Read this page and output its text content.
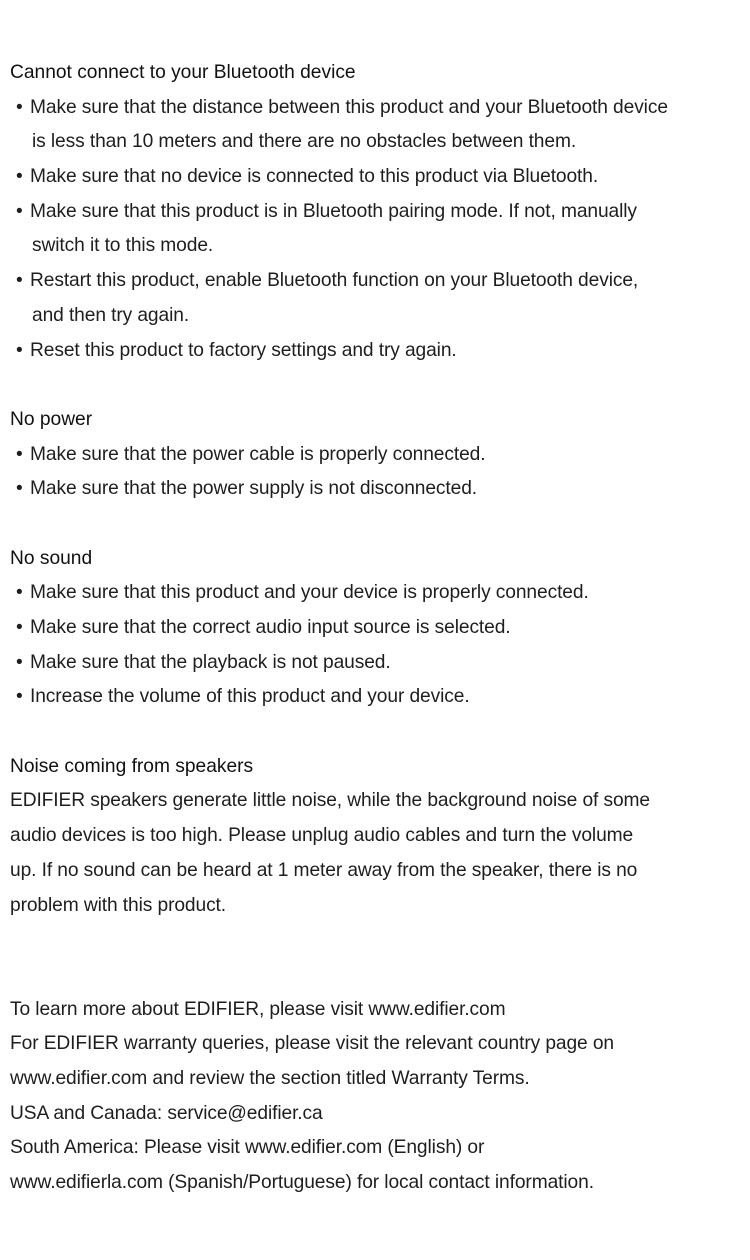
Cannot connect to your Bluetooth device
• Make sure that the distance between this product and your Bluetooth device
is less than 10 meters and there are no obstacles between them.
• Make sure that no device is connected to this product via Bluetooth.
• Make sure that this product is in Bluetooth pairing mode. If not, manually
switch it to this mode.
• Restart this product, enable Bluetooth function on your Bluetooth device,
and then try again.
• Reset this product to factory settings and try again.
No power
• Make sure that the power cable is properly connected.
• Make sure that the power supply is not disconnected.
No sound
• Make sure that this product and your device is properly connected.
• Make sure that the correct audio input source is selected.
• Make sure that the playback is not paused.
• Increase the volume of this product and your device.
Noise coming from speakers
EDIFIER speakers generate little noise, while the background noise of some
audio devices is too high. Please unplug audio cables and turn the volume
up. If no sound can be heard at 1 meter away from the speaker, there is no
problem with this product.
To learn more about EDIFIER, please visit www.edifier.com
For EDIFIER warranty queries, please visit the relevant country page on
www.edifier.com and review the section titled Warranty Terms.
USA and Canada: service@edifier.ca
South America: Please visit www.edifier.com (English) or
www.edifierla.com (Spanish/Portuguese) for local contact information.
